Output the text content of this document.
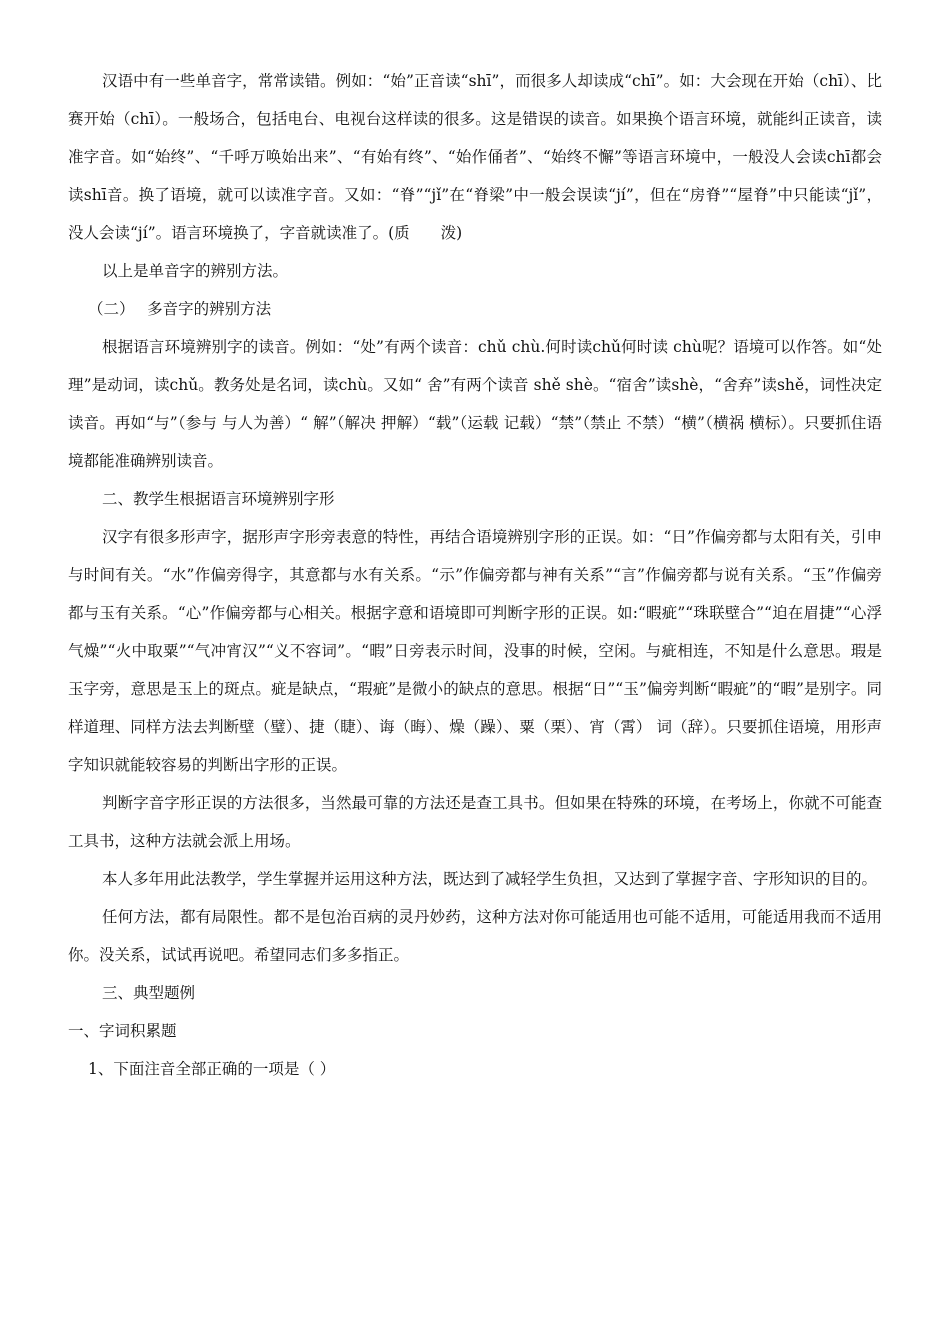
汉语中有一些单音字，常常读错。例如：“始”正音读“shī”，而很多人却读成“chī”。如：大会现在开始（chī）、比赛开始（chī）。一般场合，包括电台、电视台这样读的很多。这是错误的读音。如果换个语言环境，就能纠正读音，读准字音。如“始终”、“千呼万唤始出来”、“有始有终”、“始作俑者”、“始终不懈”等语言环境中，一般没人会读chī都会读shī音。换了语境，就可以读准字音。又如：“脊”“jǐ”在“脊梁”中一般会误读“jí”，但在“房脊”“屋脊”中只能读“jǐ”，没人会读“jí”。语言环境换了，字音就读准了。(质　　泼)

以上是单音字的辨别方法。

（二）　 多音字的辨别方法

根据语言环境辨别字的读音。例如：“处”有两个读音：chǔ chù.何时读chǔ何时读 chù呢？语境可以作答。如“处理”是动词，读chǔ。教务处是名词，读chù。又如“ 舍”有两个读音 shě shè。“宿舍”读shè，“舍弃”读shě，词性决定读音。再如“与”（参与 与人为善）“ 解”（解决 押解）“载”（运载 记载）“禁”（禁止 不禁）“横”（横祸 横标）。只要抓住语境都能准确辨别读音。

二、教学生根据语言环境辨别字形

汉字有很多形声字，据形声字形旁表意的特性，再结合语境辨别字形的正误。如：“日”作偏旁都与太阳有关，引申与时间有关。“水”作偏旁得字，其意都与水有关系。“示”作偏旁都与神有关系”“言”作偏旁都与说有关系。“玉”作偏旁都与玉有关系。“心”作偏旁都与心相关。根据字意和语境即可判断字形的正误。如:“暇疵”“珠联壁合”“迫在眉捷”“心浮气燥”“火中取粟”“气冲宵汉”“义不容词”。“暇”日旁表示时间，没事的时候，空闲。与疵相连，不知是什么意思。瑕是玉字旁，意思是玉上的斑点。疵是缺点，“瑕疵”是微小的缺点的意思。根据“日”“玉”偏旁判断“暇疵”的“暇”是别字。同样道理、同样方法去判断壁（璧）、捷（睫）、诲（晦）、燥（躁）、粟（栗）、宵（霄） 词（辞）。只要抓住语境，用形声字知识就能较容易的判断出字形的正误。

判断字音字形正误的方法很多，当然最可靠的方法还是查工具书。但如果在特殊的环境，在考场上，你就不可能查工具书，这种方法就会派上用场。

本人多年用此法教学，学生掌握并运用这种方法，既达到了减轻学生负担，又达到了掌握字音、字形知识的目的。

任何方法，都有局限性。都不是包治百病的灵丹妙药，这种方法对你可能适用也可能不适用，可能适用我而不适用你。没关系，试试再说吧。希望同志们多多指正。

三、典型题例

一、字词积累题

1、下面注音全部正确的一项是（ ）
